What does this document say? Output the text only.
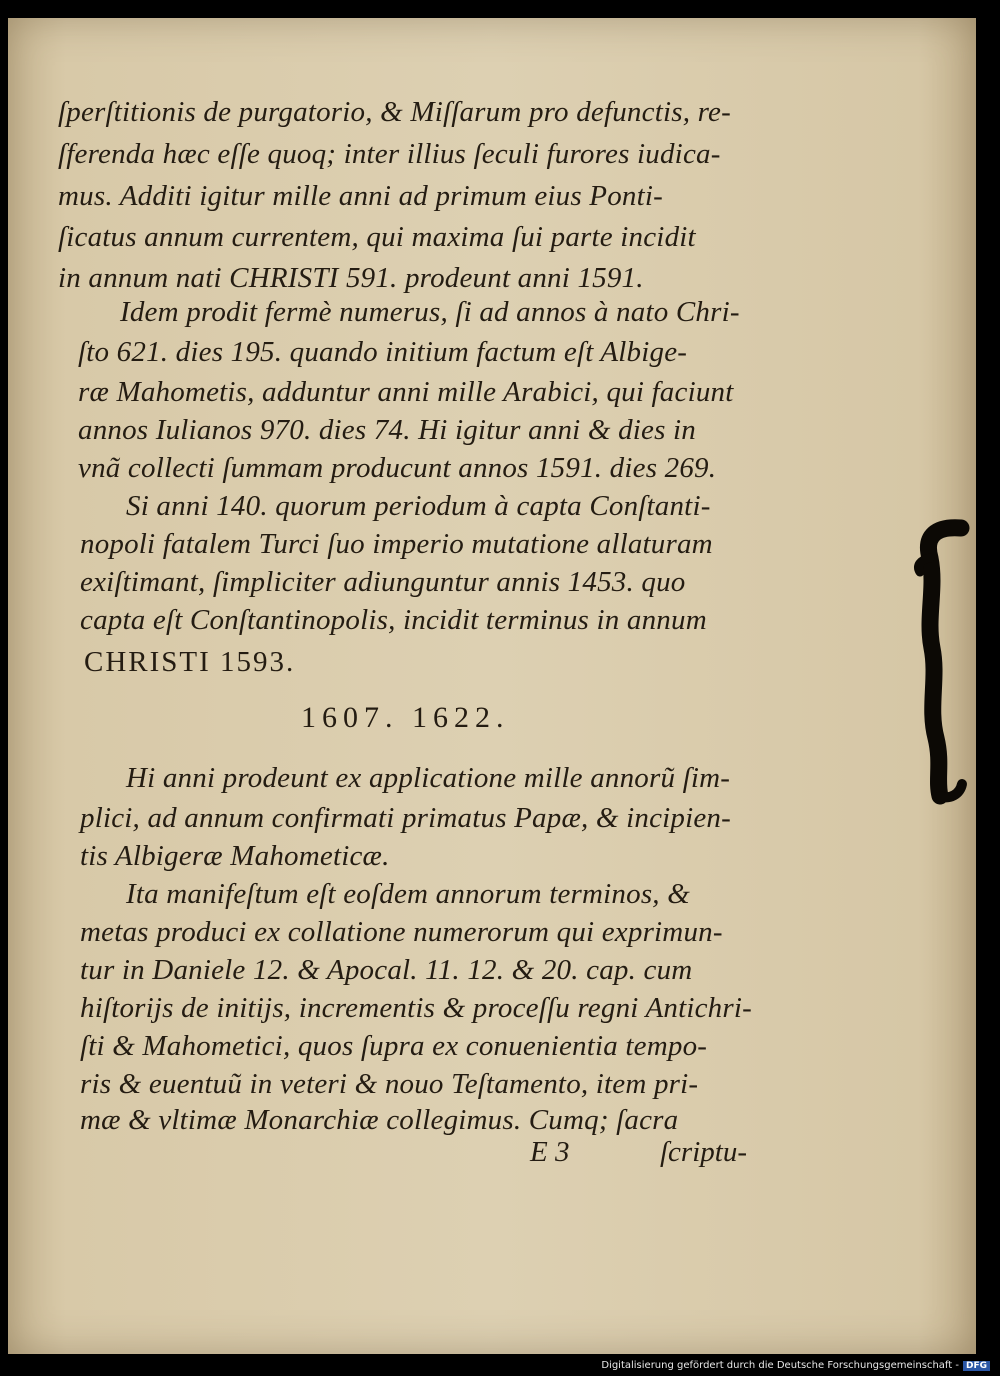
ſperſtitionis de purgatorio, & Miſſarum pro defunctis, re-
ſferenda hæc eſſe quoq; inter illius ſeculi furores iudica-
mus. Additi igitur mille anni ad primum eius Ponti-
ſicatus annum currentem, qui maxima ſui parte incidit
in annum nati CHRISTI 591. prodeunt anni 1591.
Idem prodit fermè numerus, ſi ad annos à nato Chri-
ſto 621. dies 195. quando initium factum eſt Albige-
ræ Mahometis, adduntur anni mille Arabici, qui faciunt
annos Iulianos 970. dies 74. Hi igitur anni & dies in
vnã collecti ſummam producunt annos 1591. dies 269.
Si anni 140. quorum periodum à capta Conſtanti-
nopoli fatalem Turci ſuo imperio mutatione allaturam
exiſtimant, ſimpliciter adiunguntur annis 1453. quo
capta eſt Conſtantinopolis, incidit terminus in annum
CHRISTI 1593.
1607. 1622.
Hi anni prodeunt ex applicatione mille annorũ ſim-
plici, ad annum confirmati primatus Papæ, & incipien-
tis Albigeræ Mahometicæ.
Ita manifeſtum eſt eoſdem annorum terminos, &
metas produci ex collatione numerorum qui exprimun-
tur in Daniele 12. & Apocal. 11. 12. & 20. cap. cum
hiſtorijs de initijs, incrementis & proceſſu regni Antichri-
ſti & Mahometici, quos ſupra ex conuenientia tempo-
ris & euentuũ in veteri & nouo Teſtamento, item pri-
mæ & vltimæ Monarchiæ collegimus. Cumq; ſacra
E 3	ſcriptu-
Digitalisierung gefördert durch die Deutsche Forschungsgemeinschaft - DFG
